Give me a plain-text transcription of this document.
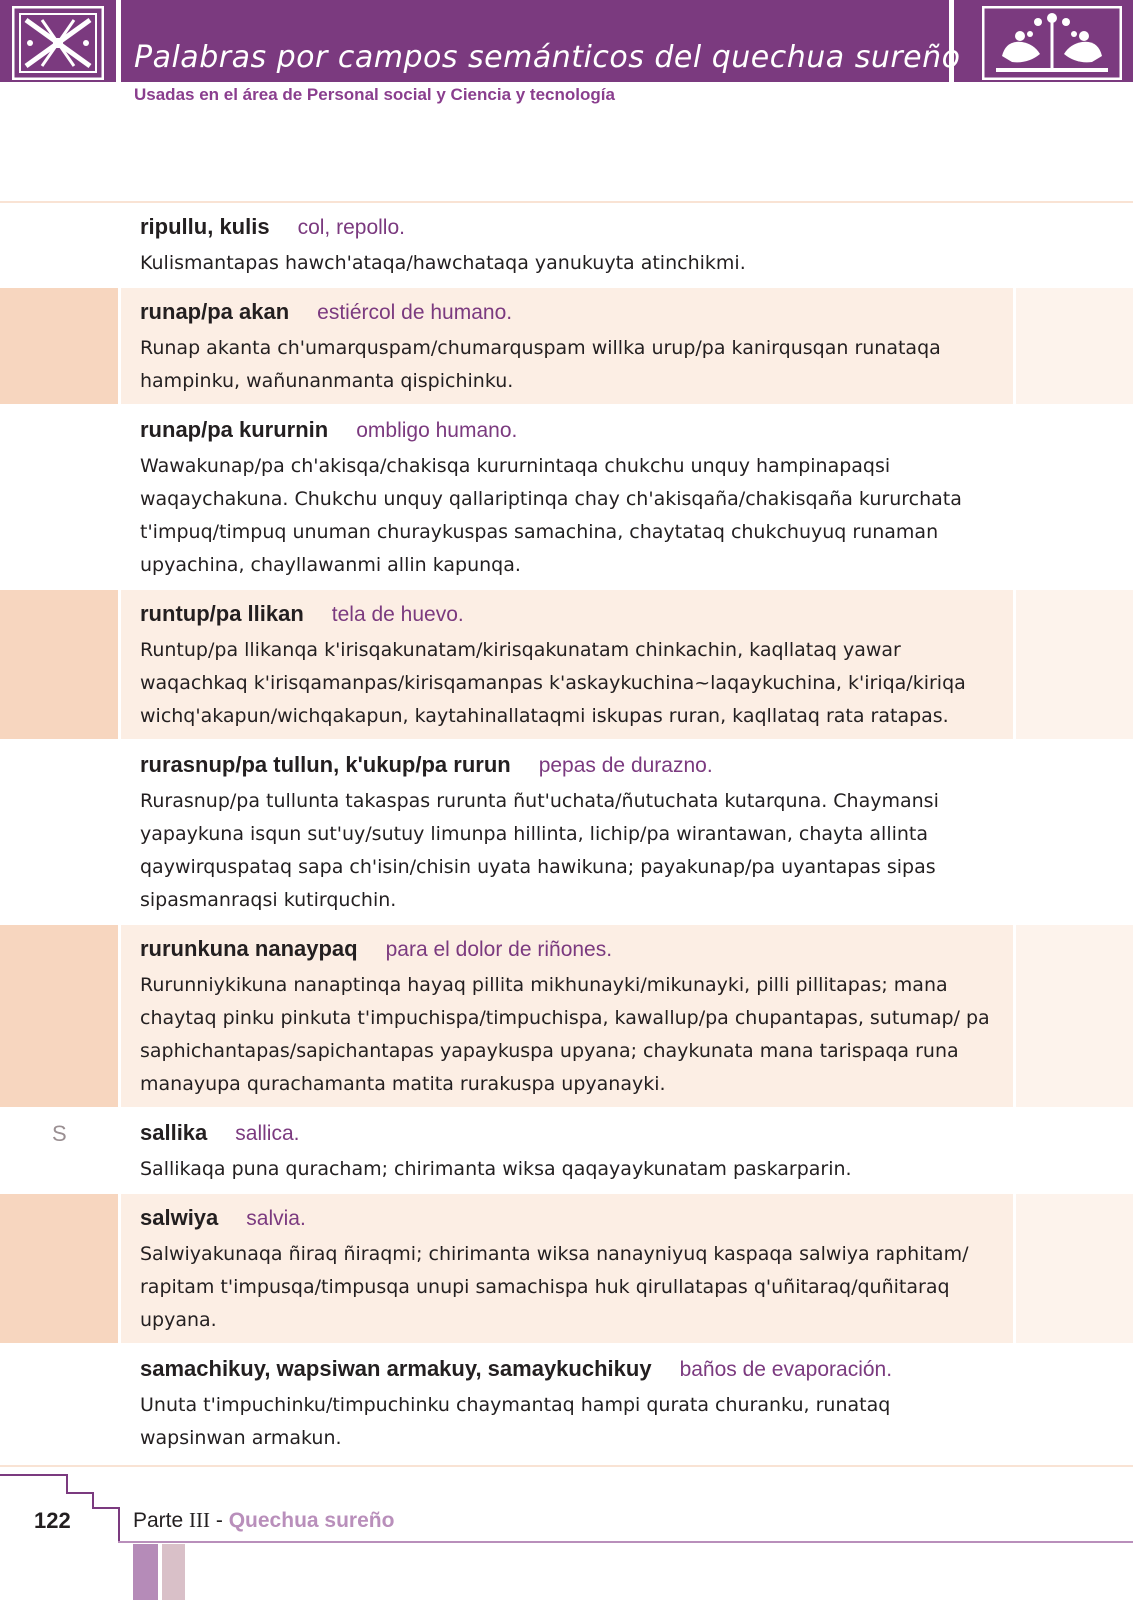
Palabras por campos semánticos del quechua sureño
Usadas en el área de Personal social y Ciencia y tecnología
ripullu, kulis col, repollo.
Kulismantapas hawch'ataqa/hawchataqa yanukuyta atinchikmi.
runap/pa akan estiércol de humano.
Runap akanta ch'umarquspam/chumarquspam willka urup/pa kanirqusqan runataqa hampinku, wañunanmanta qispichinku.
runap/pa kururnin ombligo humano.
Wawakunap/pa ch'akisqa/chakisqa kururnintaqa chukchu unquy hampinapaqsi waqaychakuna. Chukchu unquy qallariptinqa chay ch'akisqaña/chakisqaña kururchata t'impuq/timpuq unuman churaykuspas samachina, chaytataq chukchuyuq runaman upyachina, chayllawanmi allin kapunqa.
runtup/pa llikan tela de huevo.
Runtup/pa llikanqa k'irisqakunatam/kirisqakunatam chinkachin, kaqllataq yawar waqachkaq k'irisqamanpas/kirisqamanpas k'askaykuchina~laqaykuchina, k'iriqa/kiriqa wichq'akapun/wichqakapun, kaytahinallataqmi iskupas ruran, kaqllataq rata ratapas.
rurasnup/pa tullun, k'ukup/pa rurun pepas de durazno.
Rurasnup/pa tulluntа takaspas rurunta ñut'uchata/ñutuchata kutarquna. Chaymansi yapaykuna isqun sut'uy/sutuy limunpa hillinta, lichip/pa wirantawan, chayta allinta qaywirquspataq sapa ch'isin/chisin uyata hawikuna; payakunap/pa uyantapas sipas sipasmanraqsi kutirquchin.
rurunkuna nanaypaq para el dolor de riñones.
Rurunniykikuna nanaptinqa hayaq pillita mikhunayki/mikunayki, pilli pillitapas; mana chaytaq pinku pinkuta t'impuchispa/timpuchispa, kawallup/pa chupantapas, sutumap/ pa saphichantapas/sapichantapas yapaykuspa upyana; chaykunata mana tarispaqa runa manayupa qurachamanta matita rurakuspa upyanayki.
S	sallika sallica.
Sallikaqa puna quracham; chirimanta wiksa qaqayaykunatam paskarparin.
salwiya salvia.
Salwiyakunaqa ñiraq ñiraqmi; chirimanta wiksa nanayniyuq kaspaqa salwiya raphitam/ rapitam t'impusqa/timpusqa unupi samachispa huk qirullatapas q'uñitaraq/quñitaraq upyana.
samachikuy, wapsiwan armakuy, samaykuchikuy baños de evaporación.
Unuta t'impuchinku/timpuchinku chaymantaq hampi qurata churanku, runataq wapsinwan armakun.
122	Parte III - Quechua sureño
